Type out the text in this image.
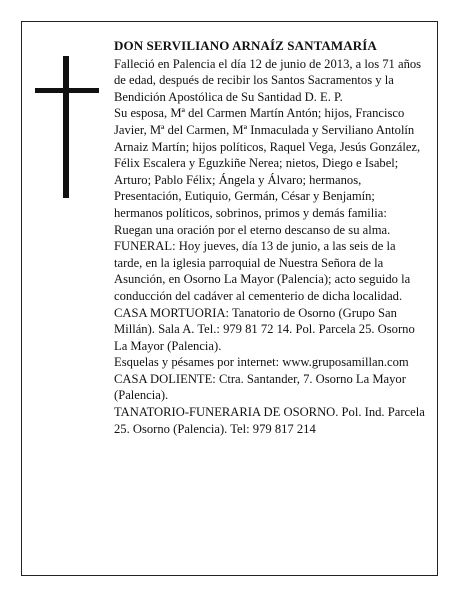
DON SERVILIANO ARNAÍZ SANTAMARÍA

Falleció en Palencia el día 12 de junio de 2013, a los 71 años de edad, después de recibir los Santos Sacramentos y la Bendición Apostólica de Su Santidad D. E. P.

Su esposa, Mª del Carmen Martín Antón; hijos, Francisco Javier, Mª del Carmen, Mª Inmaculada y Serviliano Antolín Arnaiz Martín; hijos políticos, Raquel Vega, Jesús González, Félix Escalera y Eguzkiñe Nerea; nietos, Diego e Isabel; Arturo; Pablo Félix; Ángela y Álvaro; hermanos, Presentación, Eutiquio, Germán, César y Benjamín; hermanos políticos, sobrinos, primos y demás familia:

Ruegan una oración por el eterno descanso de su alma.

FUNERAL: Hoy jueves, día 13 de junio, a las seis de la tarde, en la iglesia parroquial de Nuestra Señora de la Asunción, en Osorno La Mayor (Palencia); acto seguido la conducción del cadáver al cementerio de dicha localidad.

CASA MORTUORIA: Tanatorio de Osorno (Grupo San Millán). Sala A. Tel.: 979 81 72 14. Pol. Parcela 25. Osorno La Mayor (Palencia).

Esquelas y pésames por internet: www.gruposamillan.com

CASA DOLIENTE: Ctra. Santander, 7. Osorno La Mayor (Palencia).

TANATORIO-FUNERARIA DE OSORNO. Pol. Ind. Parcela 25. Osorno (Palencia). Tel: 979 817 214
